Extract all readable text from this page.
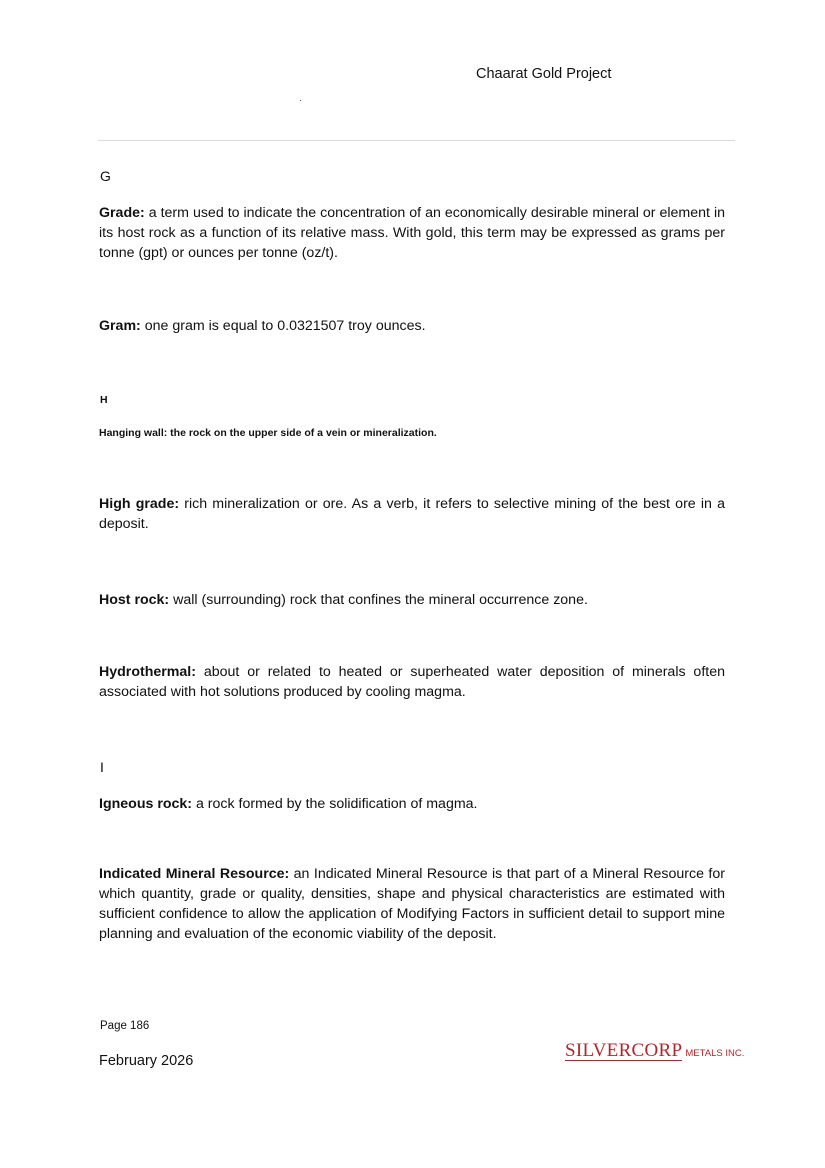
Chaarat Gold Project
G
Grade: a term used to indicate the concentration of an economically desirable mineral or element in its host rock as a function of its relative mass. With gold, this term may be expressed as grams per tonne (gpt) or ounces per tonne (oz/t).
Gram: one gram is equal to 0.0321507 troy ounces.
H
Hanging wall: the rock on the upper side of a vein or mineralization.
High grade: rich mineralization or ore. As a verb, it refers to selective mining of the best ore in a deposit.
Host rock: wall (surrounding) rock that confines the mineral occurrence zone.
Hydrothermal: about or related to heated or superheated water deposition of minerals often associated with hot solutions produced by cooling magma.
I
Igneous rock: a rock formed by the solidification of magma.
Indicated Mineral Resource: an Indicated Mineral Resource is that part of a Mineral Resource for which quantity, grade or quality, densities, shape and physical characteristics are estimated with sufficient confidence to allow the application of Modifying Factors in sufficient detail to support mine planning and evaluation of the economic viability of the deposit.
Page 186
February 2026	SILVERCORP METALS INC.
